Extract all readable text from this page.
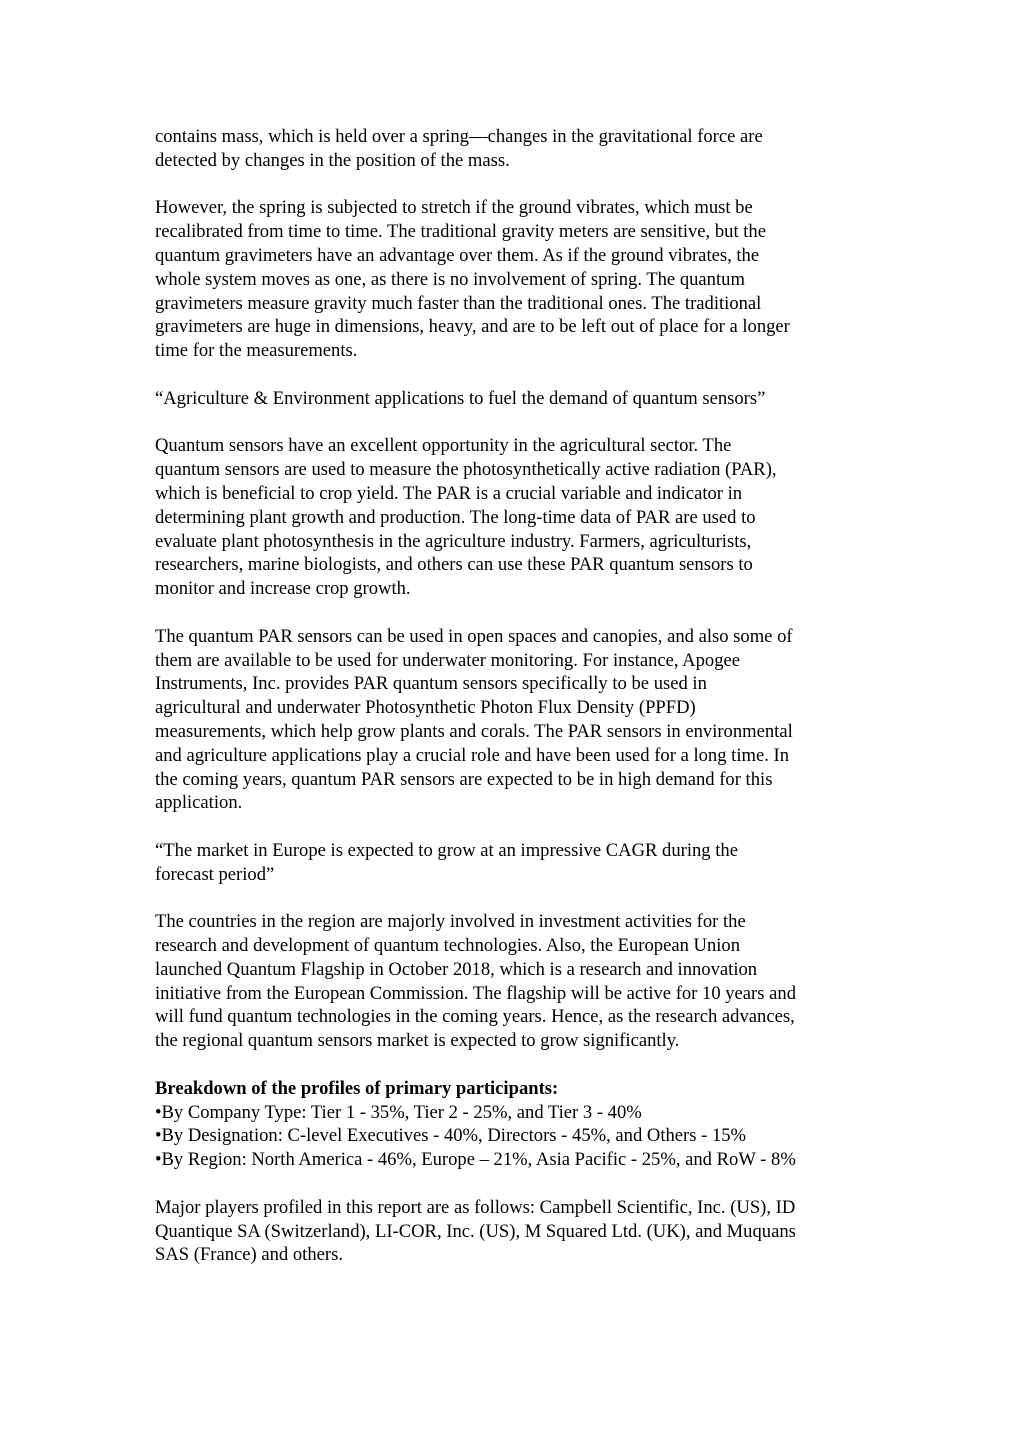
contains mass, which is held over a spring—changes in the gravitational force are
detected by changes in the position of the mass.

However, the spring is subjected to stretch if the ground vibrates, which must be
recalibrated from time to time. The traditional gravity meters are sensitive, but the
quantum gravimeters have an advantage over them. As if the ground vibrates, the
whole system moves as one, as there is no involvement of spring. The quantum
gravimeters measure gravity much faster than the traditional ones. The traditional
gravimeters are huge in dimensions, heavy, and are to be left out of place for a longer
time for the measurements.

“Agriculture & Environment applications to fuel the demand of quantum sensors”

Quantum sensors have an excellent opportunity in the agricultural sector. The
quantum sensors are used to measure the photosynthetically active radiation (PAR),
which is beneficial to crop yield. The PAR is a crucial variable and indicator in
determining plant growth and production. The long-time data of PAR are used to
evaluate plant photosynthesis in the agriculture industry. Farmers, agriculturists,
researchers, marine biologists, and others can use these PAR quantum sensors to
monitor and increase crop growth.

The quantum PAR sensors can be used in open spaces and canopies, and also some of
them are available to be used for underwater monitoring. For instance, Apogee
Instruments, Inc. provides PAR quantum sensors specifically to be used in
agricultural and underwater Photosynthetic Photon Flux Density (PPFD)
measurements, which help grow plants and corals. The PAR sensors in environmental
and agriculture applications play a crucial role and have been used for a long time. In
the coming years, quantum PAR sensors are expected to be in high demand for this
application.

“The market in Europe is expected to grow at an impressive CAGR during the
forecast period”

The countries in the region are majorly involved in investment activities for the
research and development of quantum technologies. Also, the European Union
launched Quantum Flagship in October 2018, which is a research and innovation
initiative from the European Commission. The flagship will be active for 10 years and
will fund quantum technologies in the coming years. Hence, as the research advances,
the regional quantum sensors market is expected to grow significantly.

Breakdown of the profiles of primary participants:

•By Company Type: Tier 1 - 35%, Tier 2 - 25%, and Tier 3 - 40%
•By Designation: C-level Executives - 40%, Directors - 45%, and Others - 15%
•By Region: North America - 46%, Europe – 21%, Asia Pacific - 25%, and RoW - 8%

Major players profiled in this report are as follows: Campbell Scientific, Inc. (US), ID
Quantique SA (Switzerland), LI-COR, Inc. (US), M Squared Ltd. (UK), and Muquans
SAS (France) and others.
